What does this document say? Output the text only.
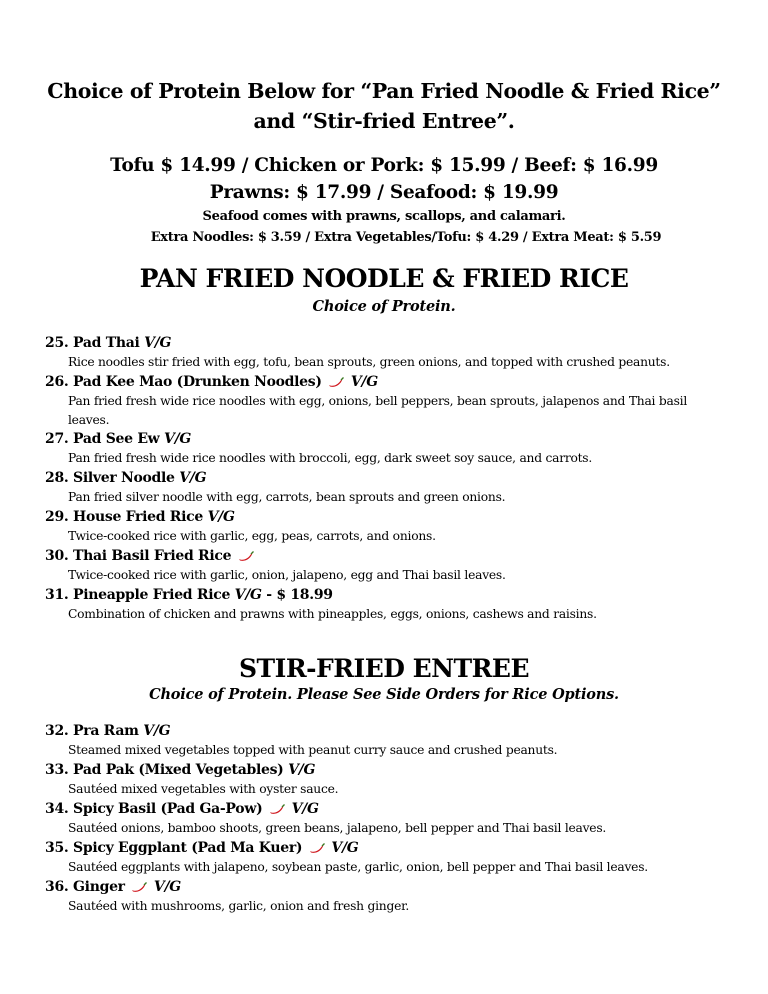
Choice of Protein Below for “Pan Fried Noodle & Fried Rice”
and “Stir-fried Entree”.
Tofu $ 14.99 / Chicken or Pork: $ 15.99 / Beef: $ 16.99
Prawns: $ 17.99 / Seafood: $ 19.99
Seafood comes with prawns, scallops, and calamari.
Extra Noodles: $ 3.59 / Extra Vegetables/Tofu: $ 4.29 / Extra Meat: $ 5.59
PAN FRIED NOODLE & FRIED RICE
Choice of Protein.
25. Pad Thai V/G
Rice noodles stir fried with egg, tofu, bean sprouts, green onions, and topped with crushed peanuts.
26. Pad Kee Mao (Drunken Noodles) V/G
Pan fried fresh wide rice noodles with egg, onions, bell peppers, bean sprouts, jalapenos and Thai basil leaves.
27. Pad See Ew V/G
Pan fried fresh wide rice noodles with broccoli, egg, dark sweet soy sauce, and carrots.
28. Silver Noodle V/G
Pan fried silver noodle with egg, carrots, bean sprouts and green onions.
29. House Fried Rice V/G
Twice-cooked rice with garlic, egg, peas, carrots, and onions.
30. Thai Basil Fried Rice
Twice-cooked rice with garlic, onion, jalapeno, egg and Thai basil leaves.
31. Pineapple Fried Rice V/G - $ 18.99
Combination of chicken and prawns with pineapples, eggs, onions, cashews and raisins.
STIR-FRIED ENTREE
Choice of Protein. Please See Side Orders for Rice Options.
32. Pra Ram V/G
Steamed mixed vegetables topped with peanut curry sauce and crushed peanuts.
33. Pad Pak (Mixed Vegetables) V/G
Sautéed mixed vegetables with oyster sauce.
34. Spicy Basil (Pad Ga-Pow) V/G
Sautéed onions, bamboo shoots, green beans, jalapeno, bell pepper and Thai basil leaves.
35. Spicy Eggplant (Pad Ma Kuer) V/G
Sautéed eggplants with jalapeno, soybean paste, garlic, onion, bell pepper and Thai basil leaves.
36. Ginger V/G
Sautéed with mushrooms, garlic, onion and fresh ginger.
